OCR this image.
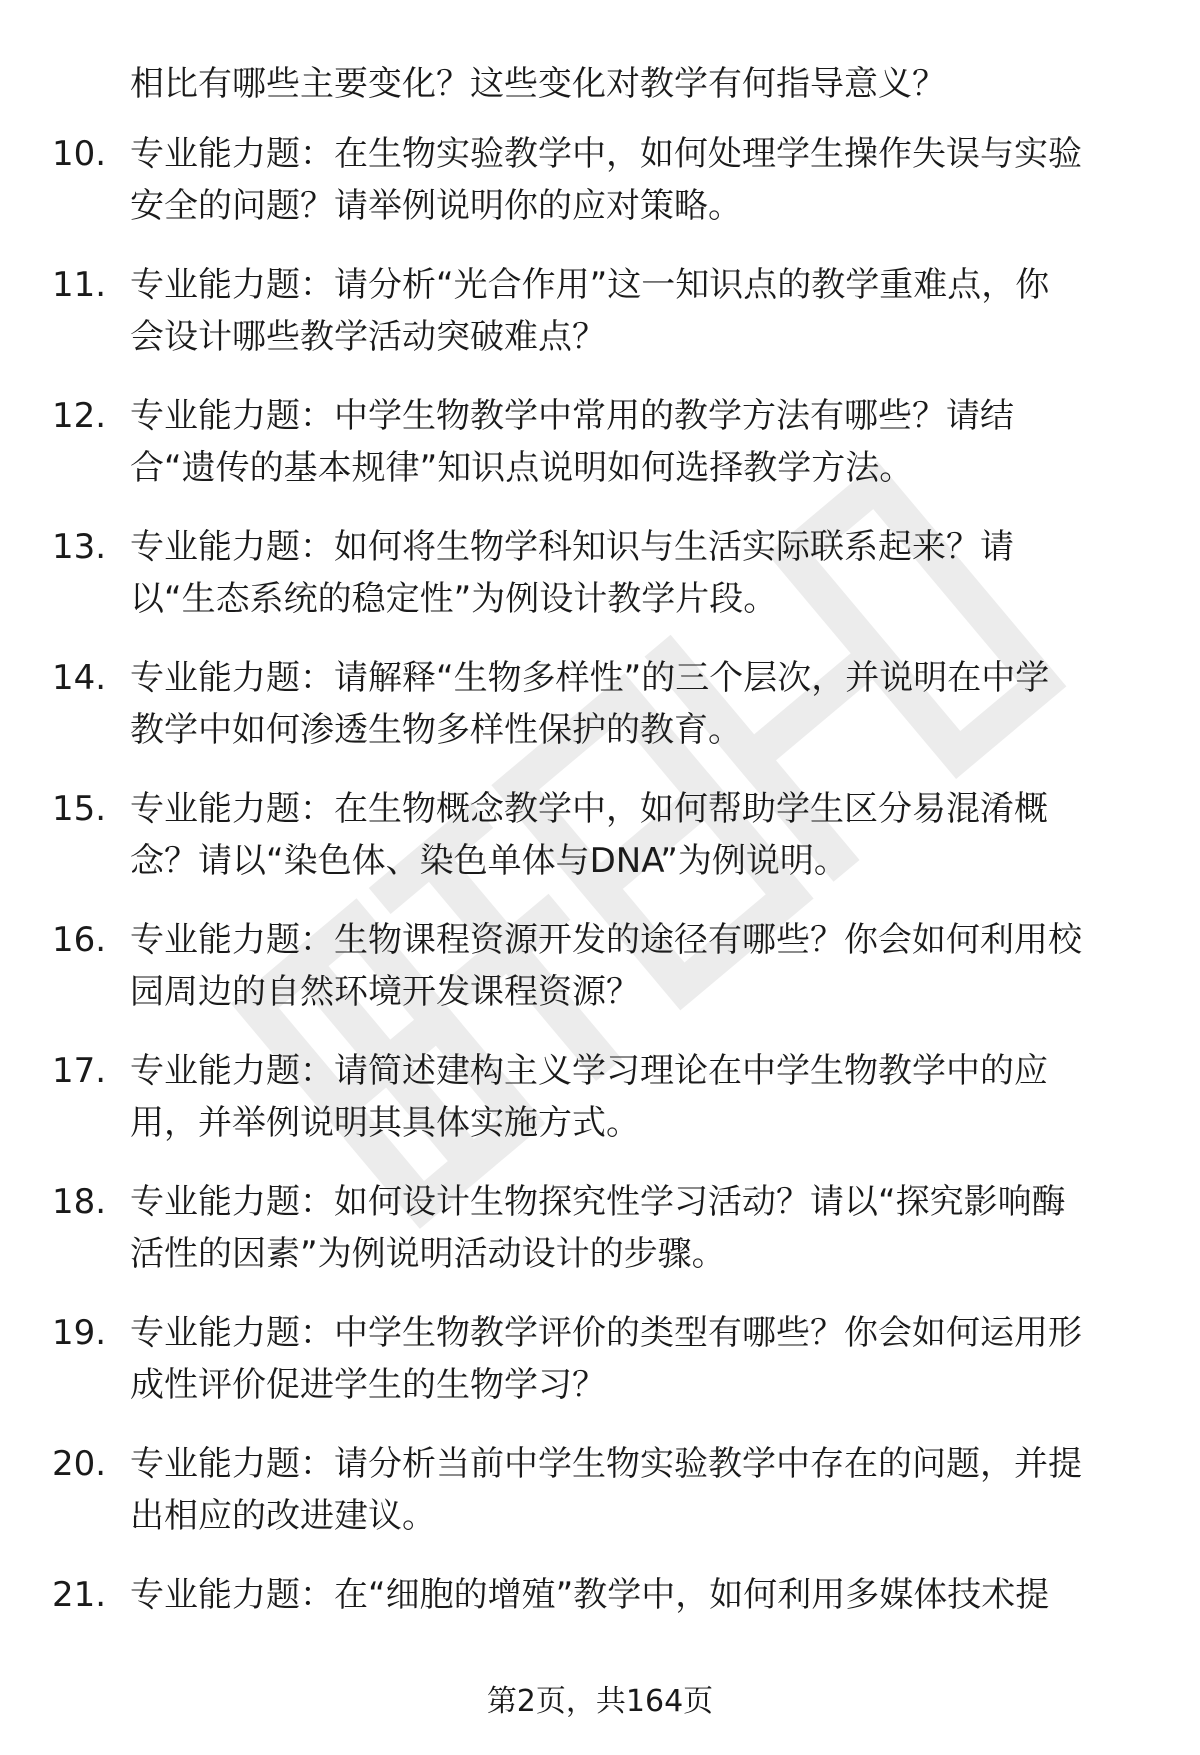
相比有哪些主要变化？这些变化对教学有何指导意义？
10. 专业能力题：在生物实验教学中，如何处理学生操作失误与实验
安全的问题？请举例说明你的应对策略。
11. 专业能力题：请分析“光合作用”这一知识点的教学重难点，你
会设计哪些教学活动突破难点？
12. 专业能力题：中学生物教学中常用的教学方法有哪些？请结
合“遗传的基本规律”知识点说明如何选择教学方法。
13. 专业能力题：如何将生物学科知识与生活实际联系起来？请
以“生态系统的稳定性”为例设计教学片段。
14. 专业能力题：请解释“生物多样性”的三个层次，并说明在中学
教学中如何渗透生物多样性保护的教育。
15. 专业能力题：在生物概念教学中，如何帮助学生区分易混淆概
念？请以“染色体、染色单体与DNA”为例说明。
16. 专业能力题：生物课程资源开发的途径有哪些？你会如何利用校
园周边的自然环境开发课程资源？
17. 专业能力题：请简述建构主义学习理论在中学生物教学中的应
用，并举例说明其具体实施方式。
18. 专业能力题：如何设计生物探究性学习活动？请以“探究影响酶
活性的因素”为例说明活动设计的步骤。
19. 专业能力题：中学生物教学评价的类型有哪些？你会如何运用形
成性评价促进学生的生物学习？
20. 专业能力题：请分析当前中学生物实验教学中存在的问题，并提
出相应的改进建议。
21. 专业能力题：在“细胞的增殖”教学中，如何利用多媒体技术提
第2页，共164页
